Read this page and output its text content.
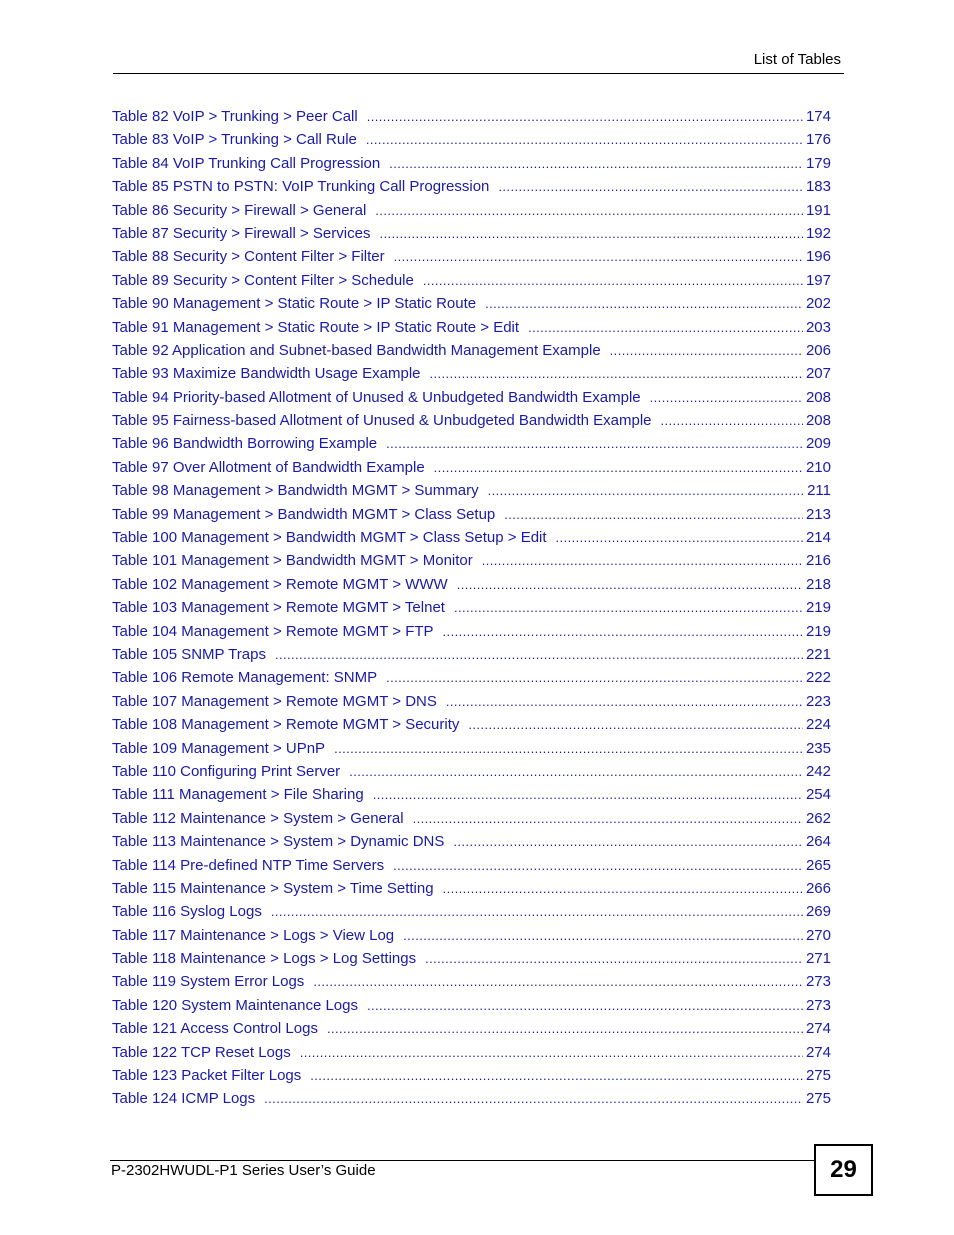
List of Tables
Table 82 VoIP > Trunking > Peer Call .....	174
Table 83 VoIP > Trunking > Call Rule .....	176
Table 84 VoIP Trunking Call Progression .....	179
Table 85 PSTN to PSTN: VoIP Trunking Call Progression .....	183
Table 86 Security > Firewall > General .....	191
Table 87 Security > Firewall > Services .....	192
Table 88 Security > Content Filter > Filter .....	196
Table 89 Security > Content Filter > Schedule .....	197
Table 90 Management > Static Route > IP Static Route .....	202
Table 91 Management > Static Route > IP Static Route > Edit .....	203
Table 92 Application and Subnet-based Bandwidth Management Example .....	206
Table 93 Maximize Bandwidth Usage Example .....	207
Table 94 Priority-based Allotment of Unused & Unbudgeted Bandwidth Example .....	208
Table 95 Fairness-based Allotment of Unused & Unbudgeted Bandwidth Example .....	208
Table 96 Bandwidth Borrowing Example .....	209
Table 97 Over Allotment of Bandwidth Example .....	210
Table 98 Management > Bandwidth MGMT > Summary .....	211
Table 99 Management > Bandwidth MGMT > Class Setup .....	213
Table 100 Management > Bandwidth MGMT > Class Setup > Edit .....	214
Table 101 Management > Bandwidth MGMT > Monitor .....	216
Table 102 Management > Remote MGMT > WWW .....	218
Table 103 Management > Remote MGMT > Telnet .....	219
Table 104 Management > Remote MGMT > FTP .....	219
Table 105 SNMP Traps .....	221
Table 106 Remote Management: SNMP .....	222
Table 107 Management > Remote MGMT > DNS .....	223
Table 108 Management > Remote MGMT > Security .....	224
Table 109 Management > UPnP .....	235
Table 110 Configuring Print Server .....	242
Table 111 Management > File Sharing .....	254
Table 112 Maintenance > System > General .....	262
Table 113 Maintenance > System > Dynamic DNS .....	264
Table 114 Pre-defined NTP Time Servers .....	265
Table 115 Maintenance > System > Time Setting .....	266
Table 116 Syslog Logs .....	269
Table 117 Maintenance > Logs > View Log .....	270
Table 118 Maintenance > Logs > Log Settings .....	271
Table 119 System Error Logs .....	273
Table 120 System Maintenance Logs .....	273
Table 121 Access Control Logs .....	274
Table 122 TCP Reset Logs .....	274
Table 123 Packet Filter Logs .....	275
Table 124 ICMP Logs .....	275
P-2302HWUDL-P1 Series User’s Guide	29
